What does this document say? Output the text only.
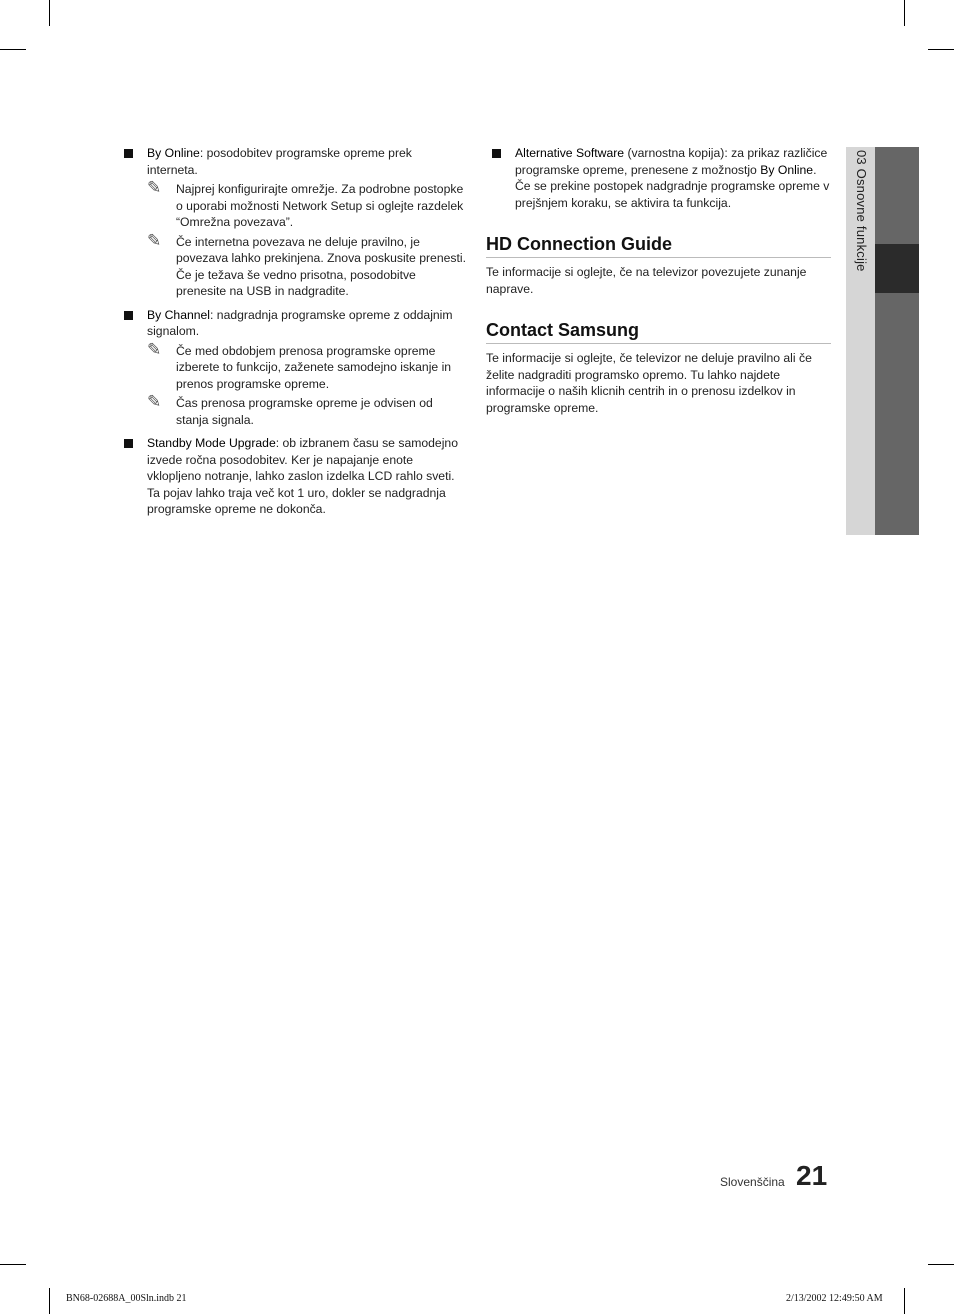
03 Osnovne funkcije
By Online: posodobitev programske opreme prek interneta.
✎ Najprej konfigurirajte omrežje. Za podrobne postopke o uporabi možnosti Network Setup si oglejte razdelek “Omrežna povezava”.
✎ Če internetna povezava ne deluje pravilno, je povezava lahko prekinjena. Znova poskusite prenesti. Če je težava še vedno prisotna, posodobitve prenesite na USB in nadgradite.
By Channel: nadgradnja programske opreme z oddajnim signalom.
✎ Če med obdobjem prenosa programske opreme izberete to funkcijo, zaženete samodejno iskanje in prenos programske opreme.
✎ Čas prenosa programske opreme je odvisen od stanja signala.
Standby Mode Upgrade: ob izbranem času se samodejno izvede ročna posodobitev. Ker je napajanje enote vklopljeno notranje, lahko zaslon izdelka LCD rahlo sveti. Ta pojav lahko traja več kot 1 uro, dokler se nadgradnja programske opreme ne dokonča.
Alternative Software (varnostna kopija): za prikaz različice programske opreme, prenesene z možnostjo By Online. Če se prekine postopek nadgradnje programske opreme v prejšnjem koraku, se aktivira ta funkcija.
HD Connection Guide

Te informacije si oglejte, če na televizor povezujete zunanje naprave.

Contact Samsung

Te informacije si oglejte, če televizor ne deluje pravilno ali če želite nadgraditi programsko opremo. Tu lahko najdete informacije o naših klicnih centrih in o prenosu izdelkov in programske opreme.

Slovenščina 21
BN68-02688A_00Sln.indb 21	2/13/2002 12:49:50 AM
